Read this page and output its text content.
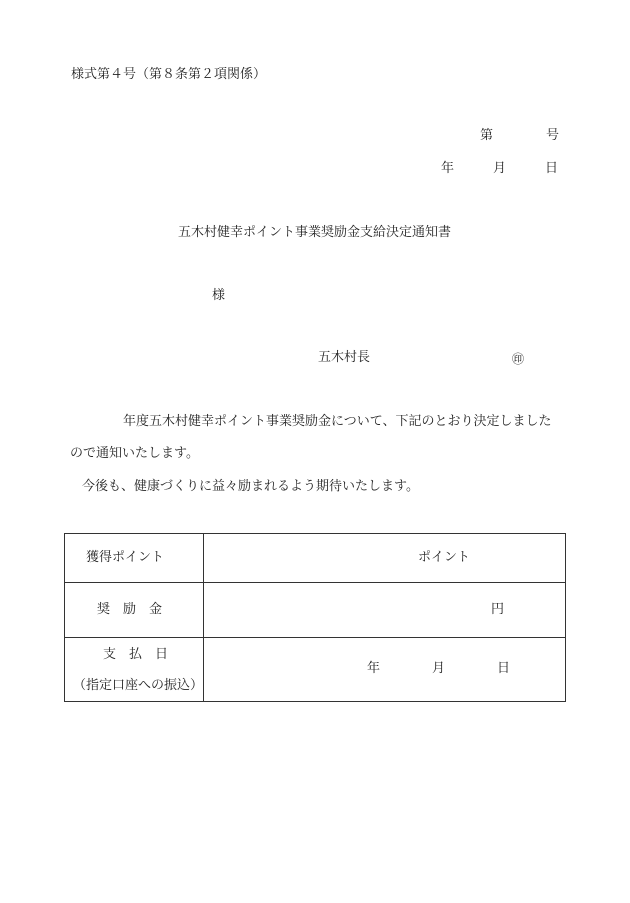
様式第４号（第８条第２項関係）
第	号
年	月	日
五木村健幸ポイント事業奨励金支給決定通知書
様
五木村長	㊞
年度五木村健幸ポイント事業奨励金について、下記のとおり決定しました
ので通知いたします。
今後も、健康づくりに益々励まれるよう期待いたします。
獲得ポイント	ポイント

奨　励　金	円

支　払　日
（指定口座への振込）	年 月 日
